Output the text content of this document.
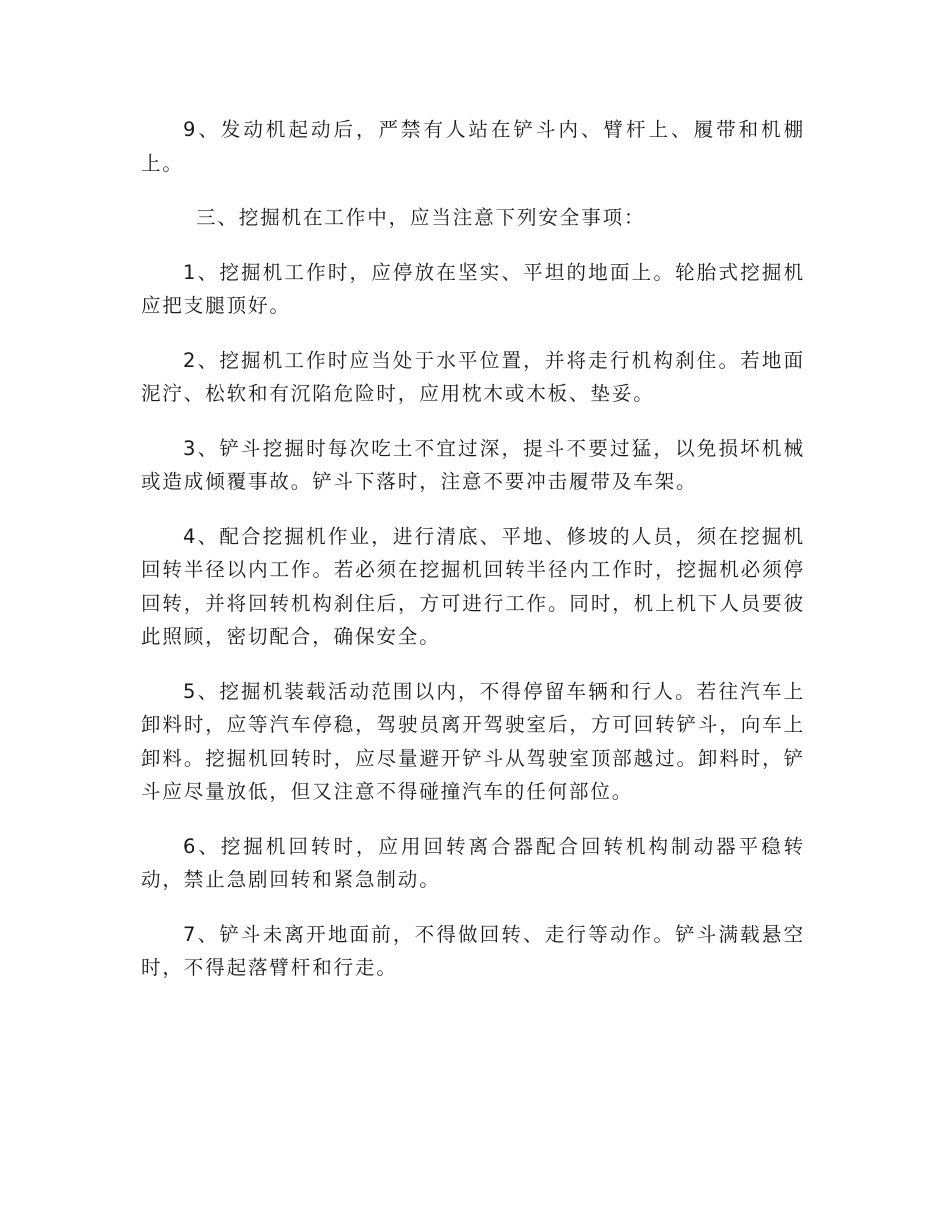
9、发动机起动后，严禁有人站在铲斗内、臂杆上、履带和机棚上。

三、挖掘机在工作中，应当注意下列安全事项：

1、挖掘机工作时，应停放在坚实、平坦的地面上。轮胎式挖掘机应把支腿顶好。

2、挖掘机工作时应当处于水平位置，并将走行机构刹住。若地面泥泞、松软和有沉陷危险时，应用枕木或木板、垫妥。

3、铲斗挖掘时每次吃土不宜过深，提斗不要过猛，以免损坏机械或造成倾覆事故。铲斗下落时，注意不要冲击履带及车架。

4、配合挖掘机作业，进行清底、平地、修坡的人员，须在挖掘机回转半径以内工作。若必须在挖掘机回转半径内工作时，挖掘机必须停回转，并将回转机构刹住后，方可进行工作。同时，机上机下人员要彼此照顾，密切配合，确保安全。

5、挖掘机装载活动范围以内，不得停留车辆和行人。若往汽车上卸料时，应等汽车停稳，驾驶员离开驾驶室后，方可回转铲斗，向车上卸料。挖掘机回转时，应尽量避开铲斗从驾驶室顶部越过。卸料时，铲斗应尽量放低，但又注意不得碰撞汽车的任何部位。

6、挖掘机回转时，应用回转离合器配合回转机构制动器平稳转动，禁止急剧回转和紧急制动。

7、铲斗未离开地面前，不得做回转、走行等动作。铲斗满载悬空时，不得起落臂杆和行走。
